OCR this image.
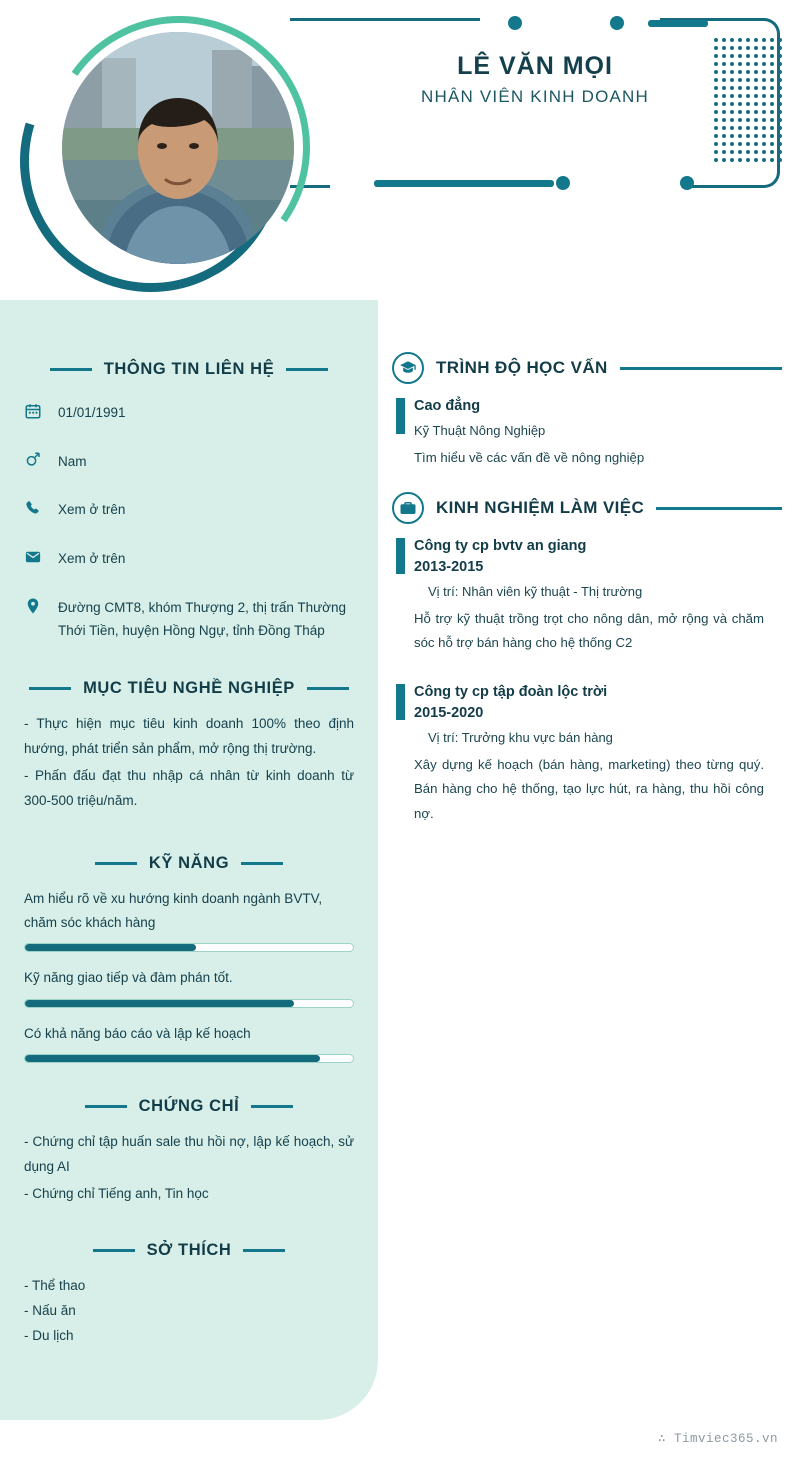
LÊ VĂN MỌI
NHÂN VIÊN KINH DOANH
THÔNG TIN LIÊN HỆ
01/01/1991
Nam
Xem ở trên
Xem ở trên
Đường CMT8, khóm Thượng 2, thị trấn Thường Thới Tiền, huyện Hồng Ngự, tỉnh Đồng Tháp
MỤC TIÊU NGHỀ NGHIỆP
- Thực hiện mục tiêu kinh doanh 100% theo định hướng, phát triển sản phẩm, mở rộng thị trường.
- Phấn đấu đạt thu nhập cá nhân từ kinh doanh từ 300-500 triệu/năm.
KỸ NĂNG
Am hiểu rõ về xu hướng kinh doanh ngành BVTV, chăm sóc khách hàng
Kỹ năng giao tiếp và đàm phán tốt.
Có khả năng báo cáo và lập kế hoạch
CHỨNG CHỈ
- Chứng chỉ tập huấn sale thu hồi nợ, lập kế hoạch, sử dụng AI
- Chứng chỉ Tiếng anh, Tin học
SỞ THÍCH
- Thể thao
- Nấu ăn
- Du lịch
TRÌNH ĐỘ HỌC VẤN
Cao đẳng
Kỹ Thuật Nông Nghiệp
Tìm hiểu về các vấn đề về nông nghiệp
KINH NGHIỆM LÀM VIỆC
Công ty cp bvtv an giang
2013-2015
Vị trí: Nhân viên kỹ thuật - Thị trường
Hỗ trợ kỹ thuật trồng trọt cho nông dân, mở rộng và chăm sóc hỗ trợ bán hàng cho hệ thống C2
Công ty cp tập đoàn lộc trời
2015-2020
Vị trí: Trưởng khu vực bán hàng
Xây dựng kế hoạch (bán hàng, marketing) theo từng quý. Bán hàng cho hệ thống, tạo lực hút, ra hàng, thu hồi công nợ.
∴ Timviec365.vn
